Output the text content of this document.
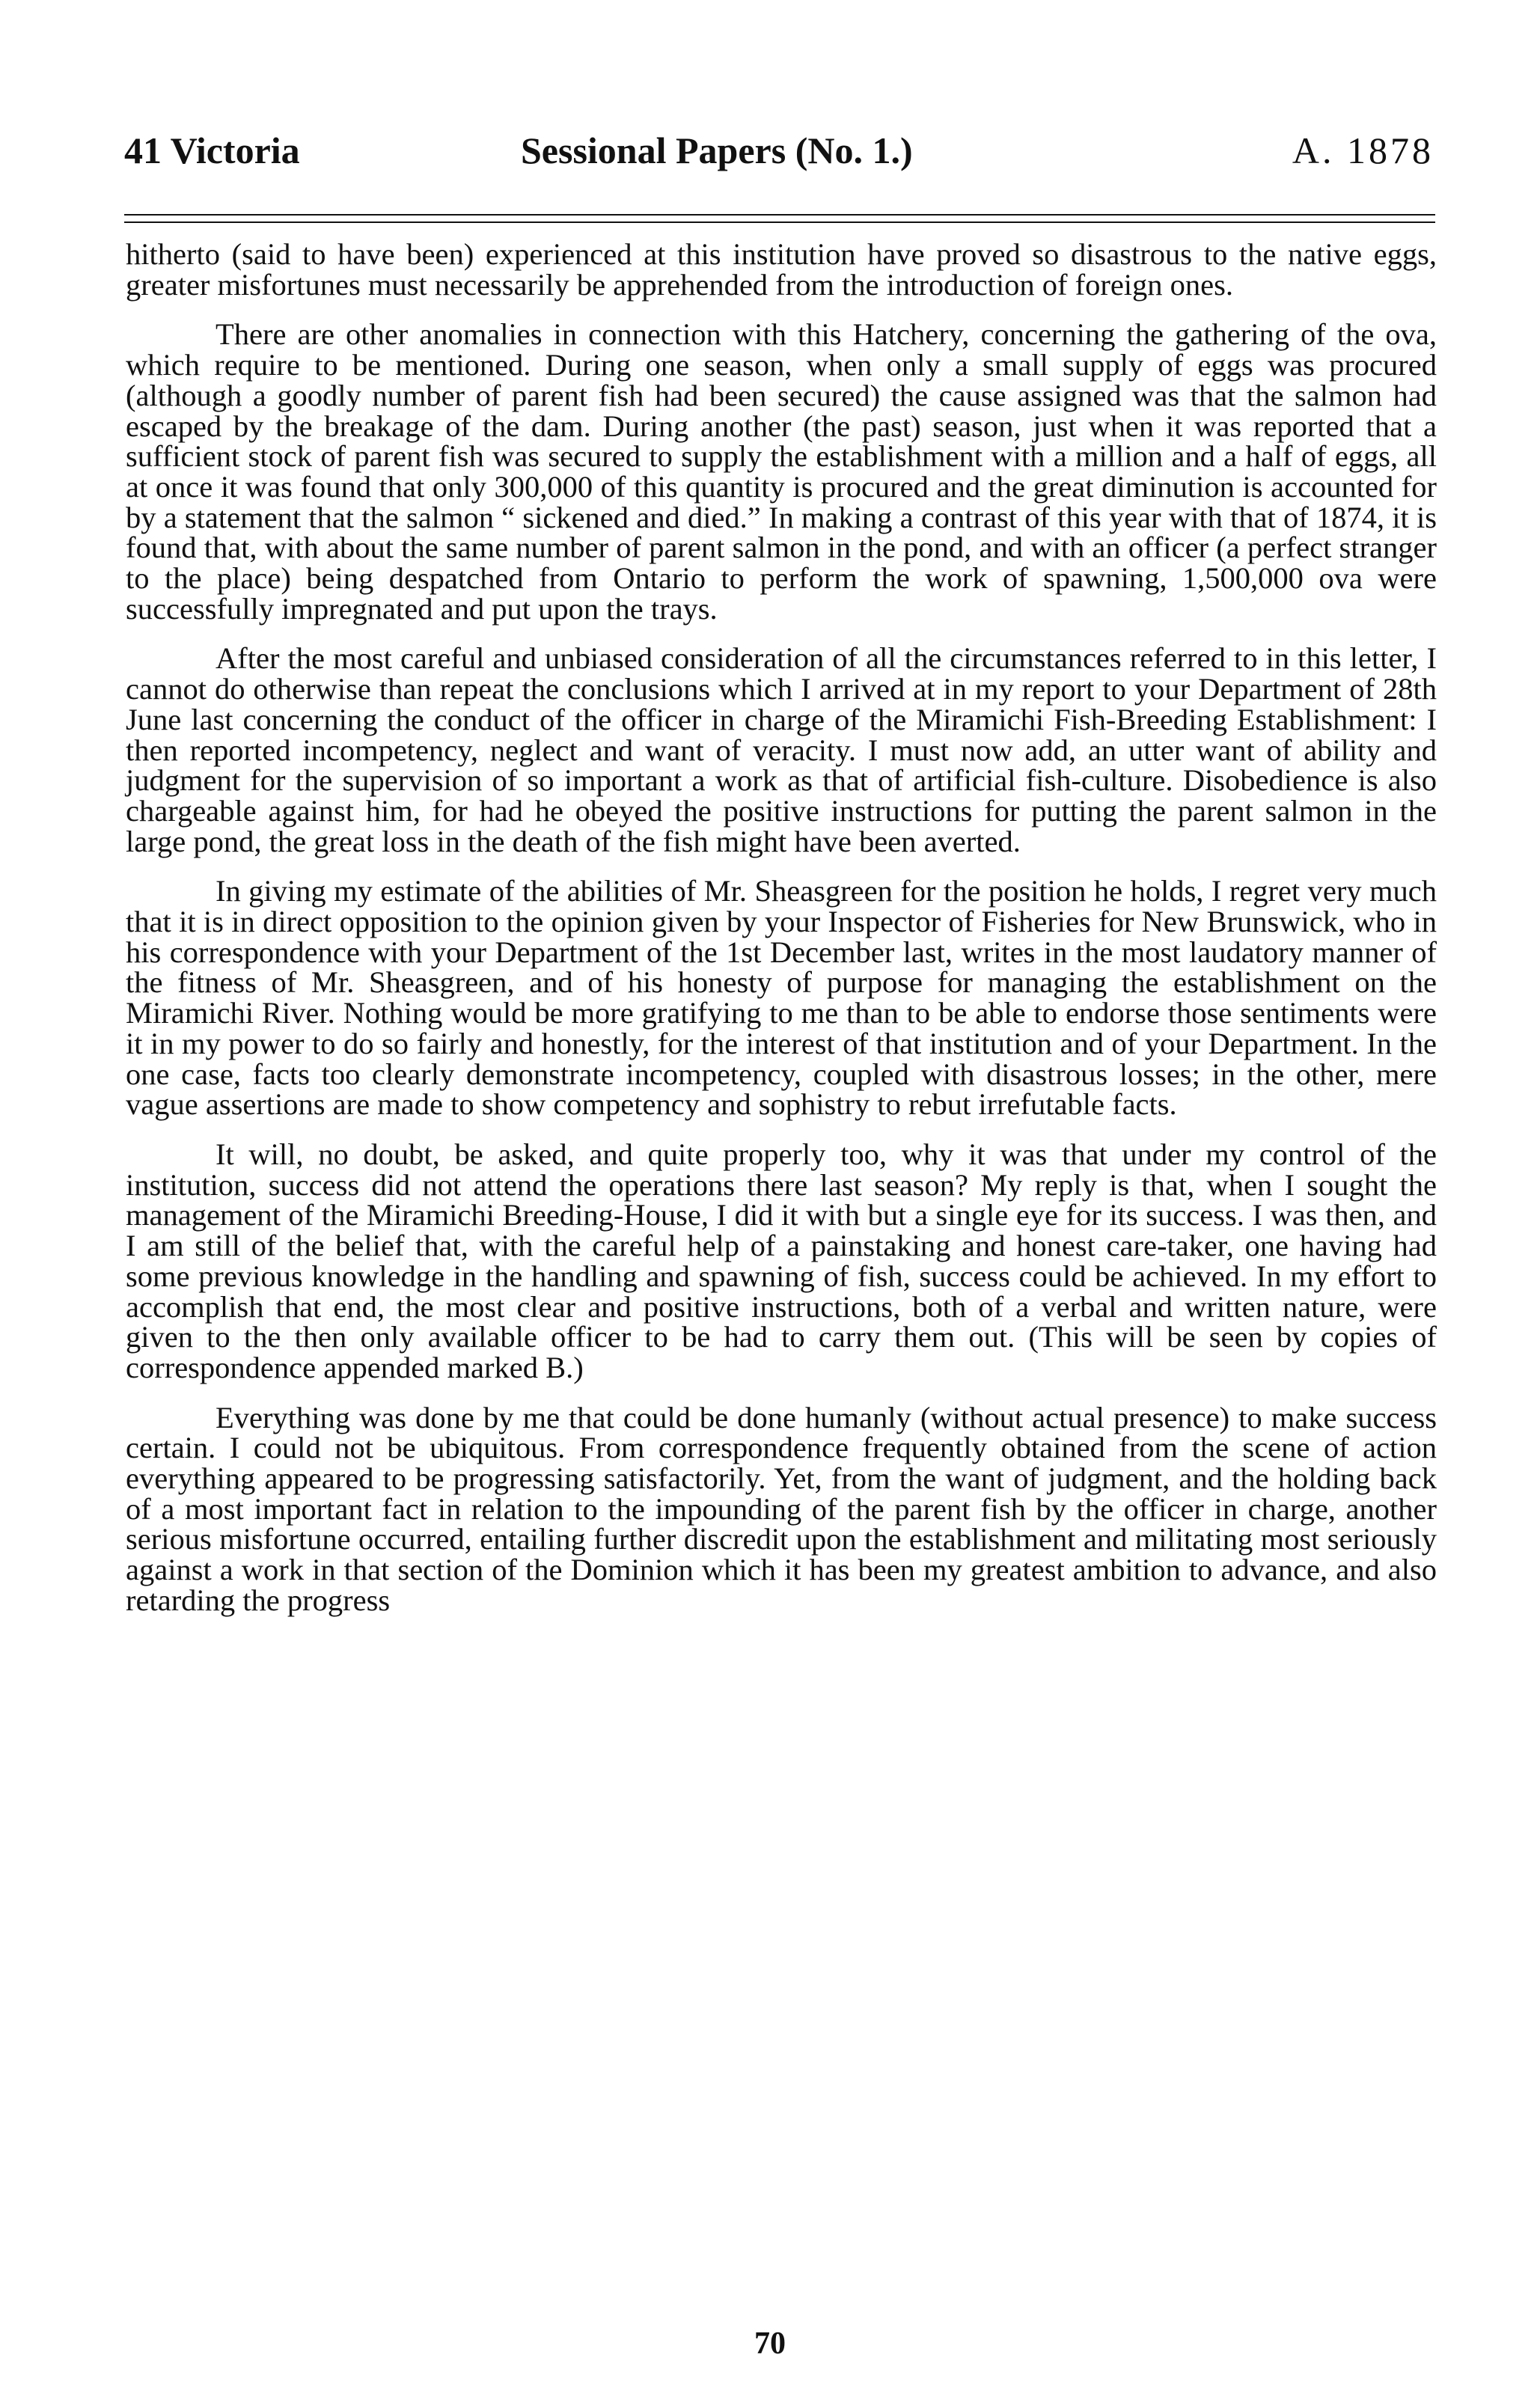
41 Victoria	Sessional Papers (No. 1.)	A. 1878

hitherto (said to have been) experienced at this institution have proved so disastrous to the native eggs, greater misfortunes must necessarily be apprehended from the introduction of foreign ones.

There are other anomalies in connection with this Hatchery, concerning the gathering of the ova, which require to be mentioned. During one season, when only a small supply of eggs was procured (although a goodly number of parent fish had been secured) the cause assigned was that the salmon had escaped by the breakage of the dam. During another (the past) season, just when it was reported that a sufficient stock of parent fish was secured to supply the establishment with a million and a half of eggs, all at once it was found that only 300,000 of this quantity is procured and the great diminution is accounted for by a statement that the salmon “ sickened and died.” In making a contrast of this year with that of 1874, it is found that, with about the same number of parent salmon in the pond, and with an officer (a perfect stranger to the place) being despatched from Ontario to perform the work of spawning, 1,500,000 ova were successfully impregnated and put upon the trays.

After the most careful and unbiased consideration of all the circumstances referred to in this letter, I cannot do otherwise than repeat the conclusions which I arrived at in my report to your Department of 28th June last concerning the conduct of the officer in charge of the Miramichi Fish-Breeding Establishment: I then reported incompetency, neglect and want of veracity. I must now add, an utter want of ability and judgment for the supervision of so important a work as that of artificial fish-culture. Disobedience is also chargeable against him, for had he obeyed the positive instructions for putting the parent salmon in the large pond, the great loss in the death of the fish might have been averted.

In giving my estimate of the abilities of Mr. Sheasgreen for the position he holds, I regret very much that it is in direct opposition to the opinion given by your Inspector of Fisheries for New Brunswick, who in his correspondence with your Department of the 1st December last, writes in the most laudatory manner of the fitness of Mr. Sheasgreen, and of his honesty of purpose for managing the establishment on the Miramichi River. Nothing would be more gratifying to me than to be able to endorse those sentiments were it in my power to do so fairly and honestly, for the interest of that institution and of your Department. In the one case, facts too clearly demonstrate incompetency, coupled with disastrous losses; in the other, mere vague assertions are made to show competency and sophistry to rebut irrefutable facts.

It will, no doubt, be asked, and quite properly too, why it was that under my control of the institution, success did not attend the operations there last season? My reply is that, when I sought the management of the Miramichi Breeding-House, I did it with but a single eye for its success. I was then, and I am still of the belief that, with the careful help of a painstaking and honest care-taker, one having had some previous knowledge in the handling and spawning of fish, success could be achieved. In my effort to accomplish that end, the most clear and positive instructions, both of a verbal and written nature, were given to the then only available officer to be had to carry them out. (This will be seen by copies of correspondence appended marked B.)

Everything was done by me that could be done humanly (without actual presence) to make success certain. I could not be ubiquitous. From correspondence frequently obtained from the scene of action everything appeared to be progressing satisfactorily. Yet, from the want of judgment, and the holding back of a most important fact in relation to the impounding of the parent fish by the officer in charge, another serious misfortune occurred, entailing further discredit upon the establishment and militating most seriously against a work in that section of the Dominion which it has been my greatest ambition to advance, and also retarding the progress

70
